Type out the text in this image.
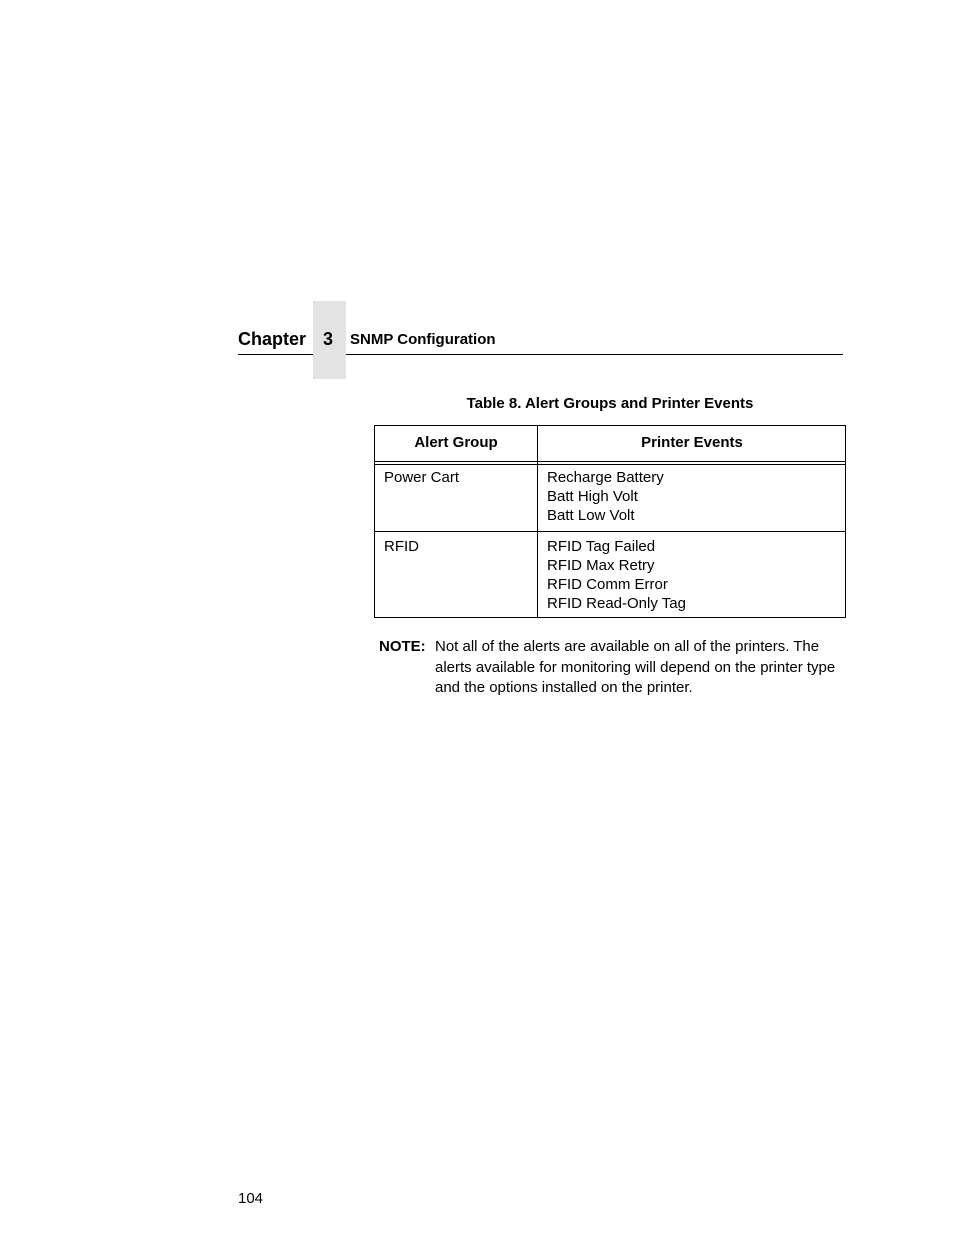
Chapter 3	SNMP Configuration
Table 8. Alert Groups and Printer Events
Alert Group	Printer Events
Power Cart	Recharge Battery
Batt High Volt
Batt Low Volt
RFID	RFID Tag Failed
RFID Max Retry
RFID Comm Error
RFID Read-Only Tag
NOTE: Not all of the alerts are available on all of the printers. The alerts available for monitoring will depend on the printer type and the options installed on the printer.
104
